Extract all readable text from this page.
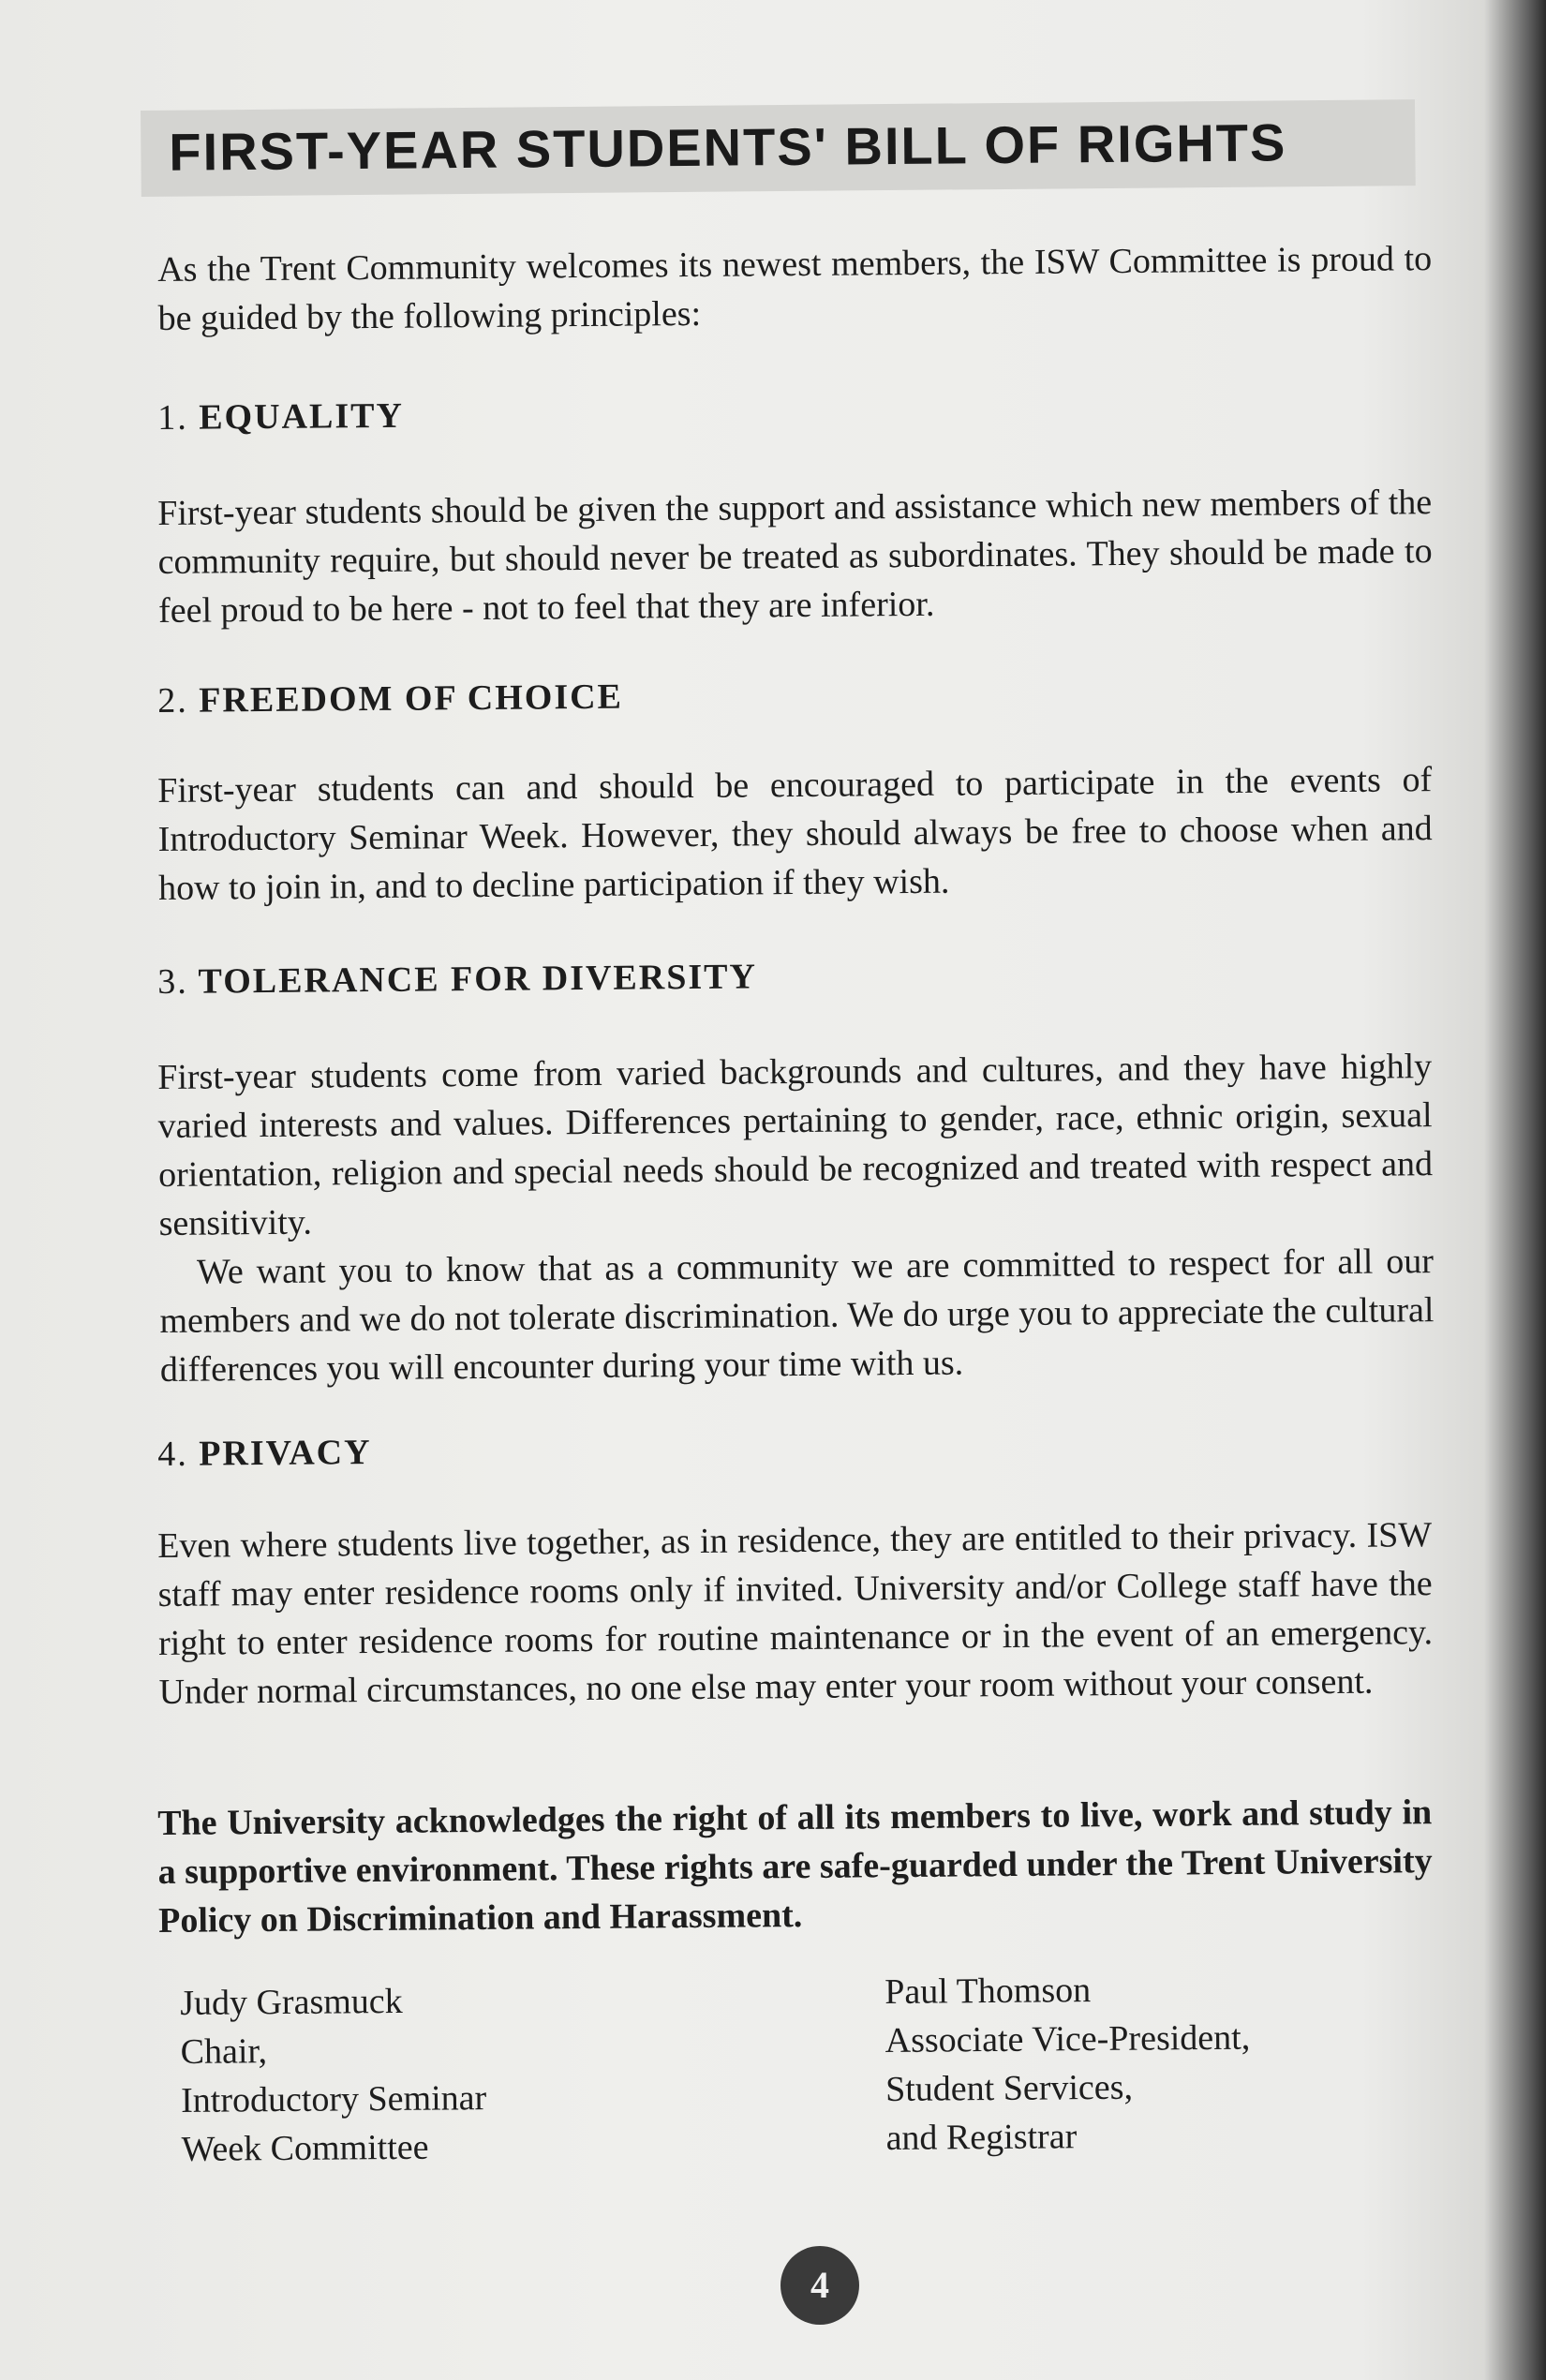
FIRST-YEAR STUDENTS' BILL OF RIGHTS

As the Trent Community welcomes its newest members, the ISW Committee is proud to be guided by the following principles:

1. EQUALITY

First-year students should be given the support and assistance which new members of the community require, but should never be treated as subordinates. They should be made to feel proud to be here - not to feel that they are inferior.

2. FREEDOM OF CHOICE

First-year students can and should be encouraged to participate in the events of Introductory Seminar Week. However, they should always be free to choose when and how to join in, and to decline participation if they wish.

3. TOLERANCE FOR DIVERSITY

First-year students come from varied backgrounds and cultures, and they have highly varied interests and values. Differences pertaining to gender, race, ethnic origin, sexual orientation, religion and special needs should be recognized and treated with respect and sensitivity.

We want you to know that as a community we are committed to respect for all our members and we do not tolerate discrimination. We do urge you to appreciate the cultural differences you will encounter during your time with us.

4. PRIVACY

Even where students live together, as in residence, they are entitled to their privacy. ISW staff may enter residence rooms only if invited. University and/or College staff have the right to enter residence rooms for routine maintenance or in the event of an emergency. Under normal circumstances, no one else may enter your room without your consent.

The University acknowledges the right of all its members to live, work and study in a supportive environment. These rights are safe-guarded under the Trent University Policy on Discrimination and Harassment.

Judy Grasmuck
Chair,
Introductory Seminar
Week Committee
Paul Thomson
Associate Vice-President,
Student Services,
and Registrar
4
